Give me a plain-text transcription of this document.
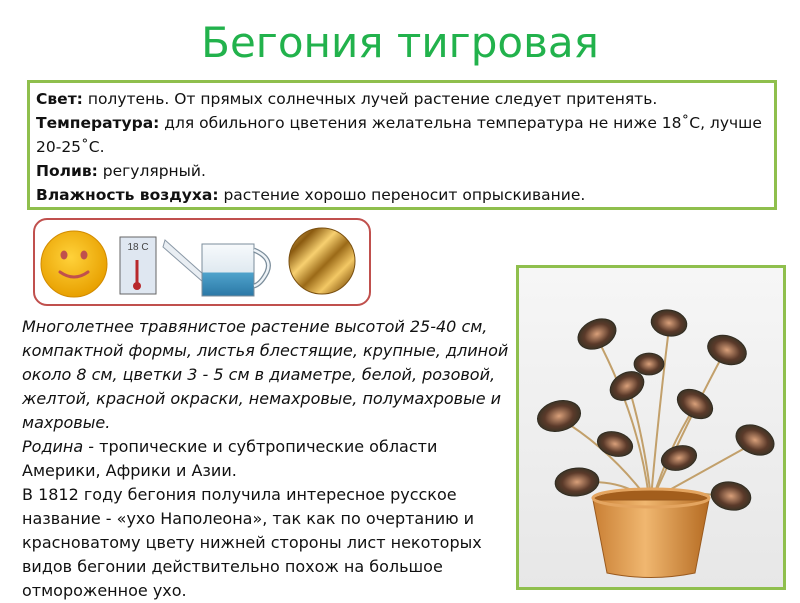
Бегония тигровая
Свет: полутень. От прямых солнечных лучей растение следует притенять.
Температура: для обильного цветения желательна температура не ниже 18˚С, лучше 20-25˚С.
Полив: регулярный.
Влажность воздуха: растение хорошо переносит опрыскивание.
18 C
Многолетнее травянистое растение высотой 25-40 см, компактной формы, листья блестящие, крупные, длиной около 8 см, цветки 3 - 5 см в диаметре, белой, розовой, желтой, красной окраски, немахровые, полумахровые и махровые.
Родина - тропические и субтропические области Америки, Африки и Азии.
В 1812 году бегония получила интересное русское название - «ухо Наполеона», так как по очертанию и красноватому цвету нижней стороны лист некоторых видов бегонии действительно похож на большое отмороженное ухо.
